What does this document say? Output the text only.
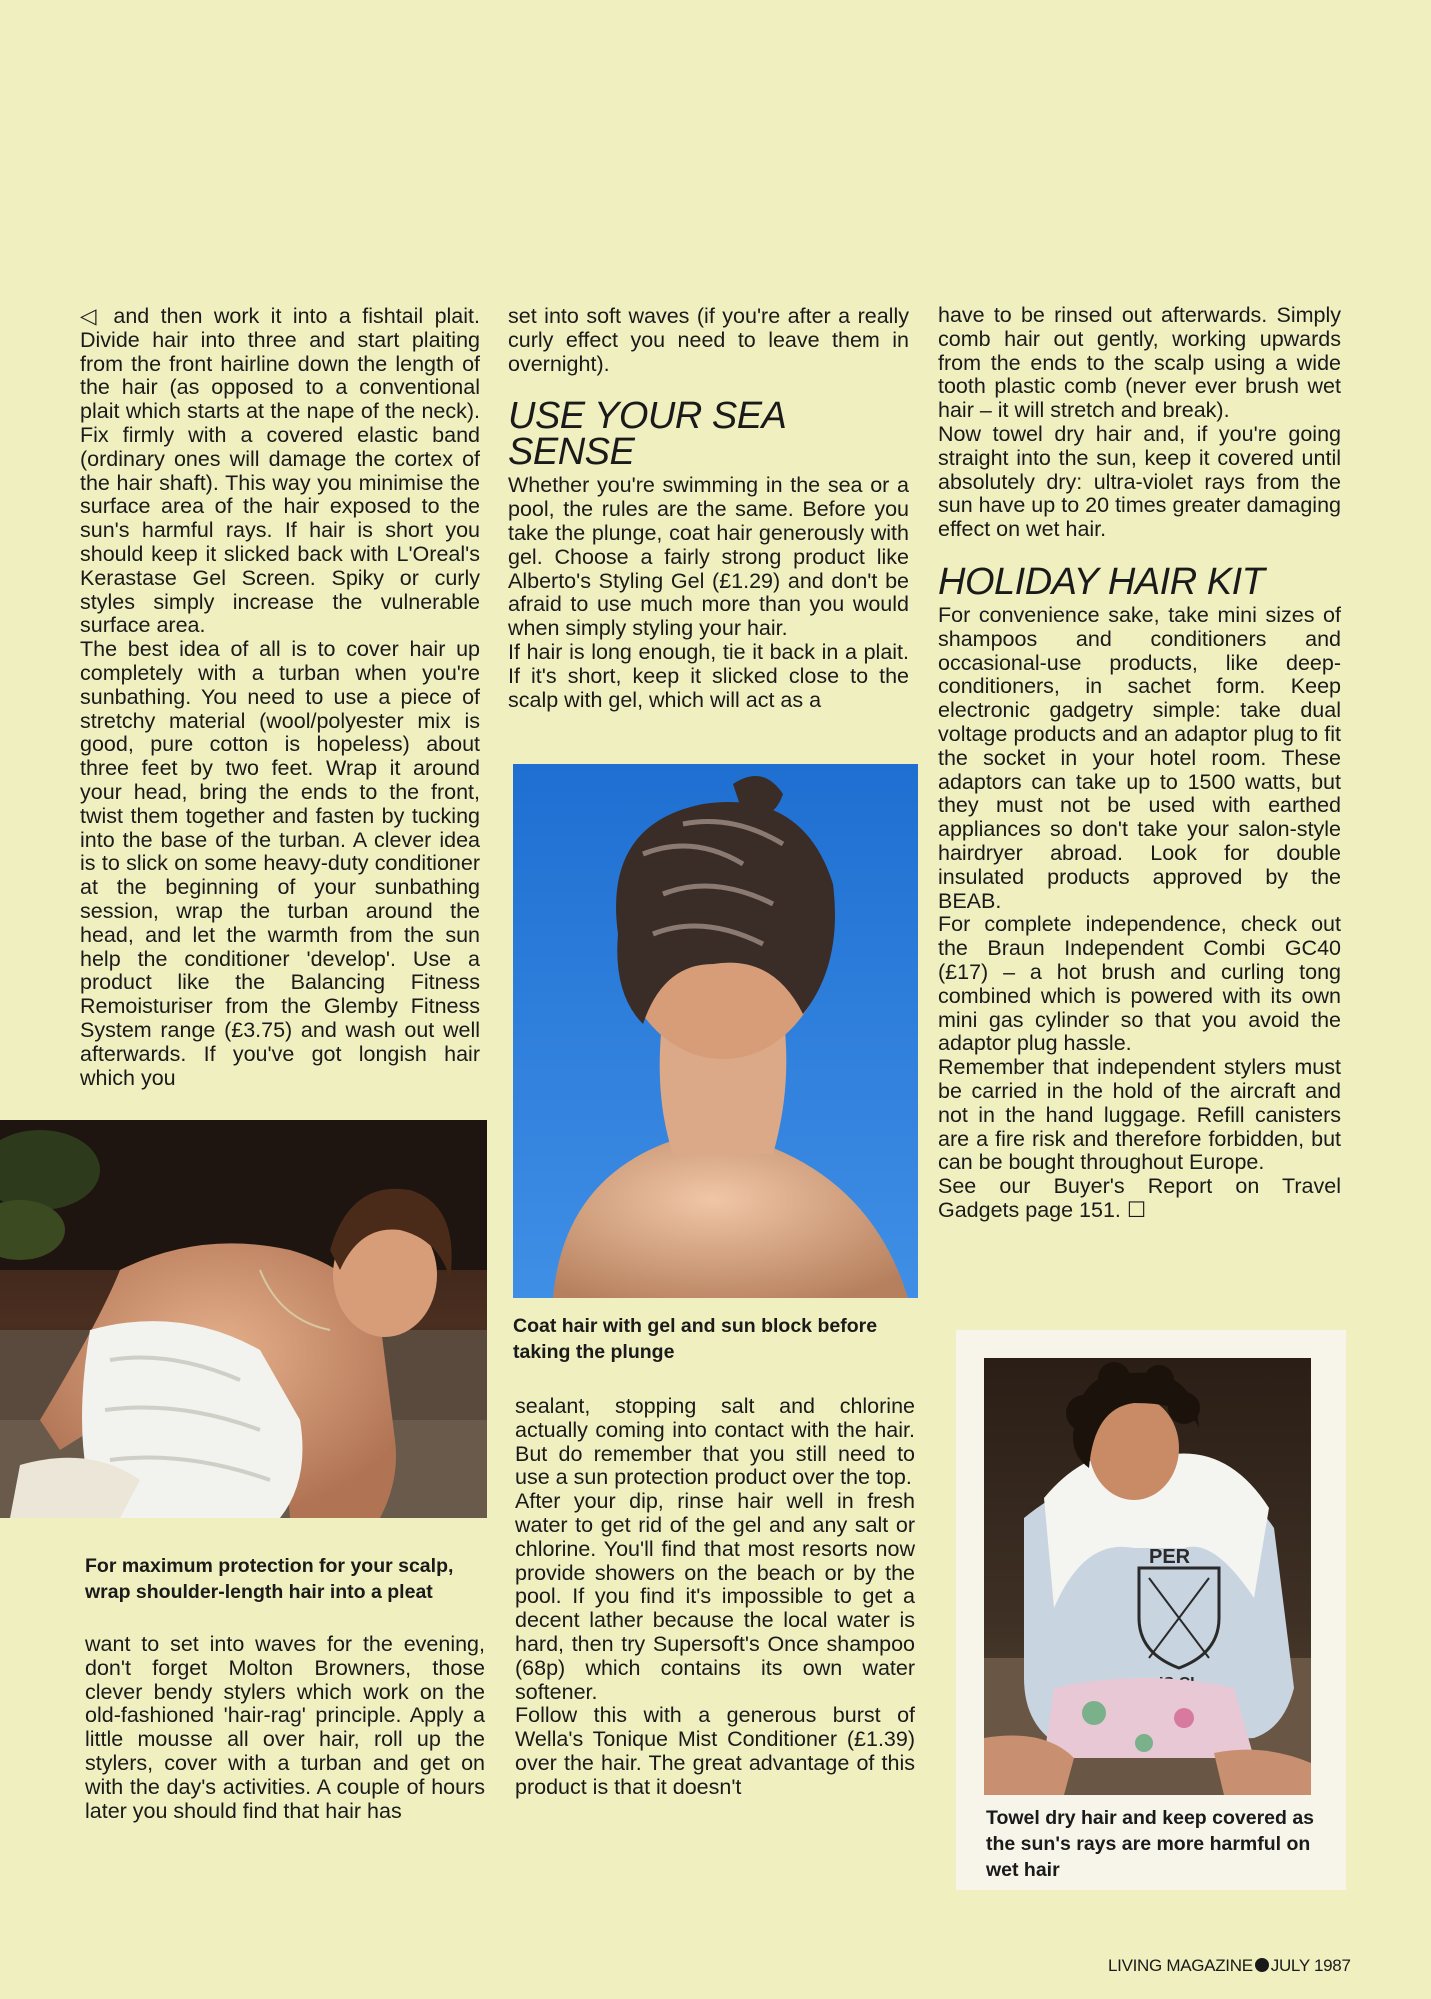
◁ and then work it into a fishtail plait. Divide hair into three and start plaiting from the front hairline down the length of the hair (as opposed to a conventional plait which starts at the nape of the neck). Fix firmly with a covered elastic band (ordinary ones will damage the cortex of the hair shaft). This way you minimise the surface area of the hair exposed to the sun's harmful rays. If hair is short you should keep it slicked back with L'Oreal's Kerastase Gel Screen. Spiky or curly styles simply increase the vulnerable surface area.

The best idea of all is to cover hair up completely with a turban when you're sunbathing. You need to use a piece of stretchy material (wool/polyester mix is good, pure cotton is hopeless) about three feet by two feet. Wrap it around your head, bring the ends to the front, twist them together and fasten by tucking into the base of the turban. A clever idea is to slick on some heavy-duty conditioner at the beginning of your sunbathing session, wrap the turban around the head, and let the warmth from the sun help the conditioner 'develop'. Use a product like the Balancing Fitness Remoisturiser from the Glemby Fitness System range (£3.75) and wash out well afterwards. If you've got longish hair which you

For maximum protection for your scalp, wrap shoulder-length hair into a pleat

want to set into waves for the evening, don't forget Molton Browners, those clever bendy stylers which work on the old-fashioned 'hair-rag' principle. Apply a little mousse all over hair, roll up the stylers, cover with a turban and get on with the day's activities. A couple of hours later you should find that hair has

set into soft waves (if you're after a really curly effect you need to leave them in overnight).

USE YOUR SEA SENSE

Whether you're swimming in the sea or a pool, the rules are the same. Before you take the plunge, coat hair generously with gel. Choose a fairly strong product like Alberto's Styling Gel (£1.29) and don't be afraid to use much more than you would when simply styling your hair.

If hair is long enough, tie it back in a plait. If it's short, keep it slicked close to the scalp with gel, which will act as a

Coat hair with gel and sun block before taking the plunge

sealant, stopping salt and chlorine actually coming into contact with the hair. But do remember that you still need to use a sun protection product over the top.

After your dip, rinse hair well in fresh water to get rid of the gel and any salt or chlorine. You'll find that most resorts now provide showers on the beach or by the pool. If you find it's impossible to get a decent lather because the local water is hard, then try Supersoft's Once shampoo (68p) which contains its own water softener.

Follow this with a generous burst of Wella's Tonique Mist Conditioner (£1.39) over the hair. The great advantage of this product is that it doesn't

have to be rinsed out afterwards. Simply comb hair out gently, working upwards from the ends to the scalp using a wide tooth plastic comb (never ever brush wet hair – it will stretch and break).

Now towel dry hair and, if you're going straight into the sun, keep it covered until absolutely dry: ultra-violet rays from the sun have up to 20 times greater damaging effect on wet hair.

HOLIDAY HAIR KIT

For convenience sake, take mini sizes of shampoos and conditioners and occasional-use products, like deep-conditioners, in sachet form. Keep electronic gadgetry simple: take dual voltage products and an adaptor plug to fit the socket in your hotel room. These adaptors can take up to 1500 watts, but they must not be used with earthed appliances so don't take your salon-style hairdryer abroad. Look for double insulated products approved by the BEAB.

For complete independence, check out the Braun Independent Combi GC40 (£17) – a hot brush and curling tong combined which is powered with its own mini gas cylinder so that you avoid the adaptor plug hassle.

Remember that independent stylers must be carried in the hold of the aircraft and not in the hand luggage. Refill canisters are a fire risk and therefore forbidden, but can be bought throughout Europe.

See our Buyer's Report on Travel Gadgets page 151. ☐

PER
Towel dry hair and keep covered as the sun's rays are more harmful on wet hair
LIVING MAGAZINE JULY 1987
